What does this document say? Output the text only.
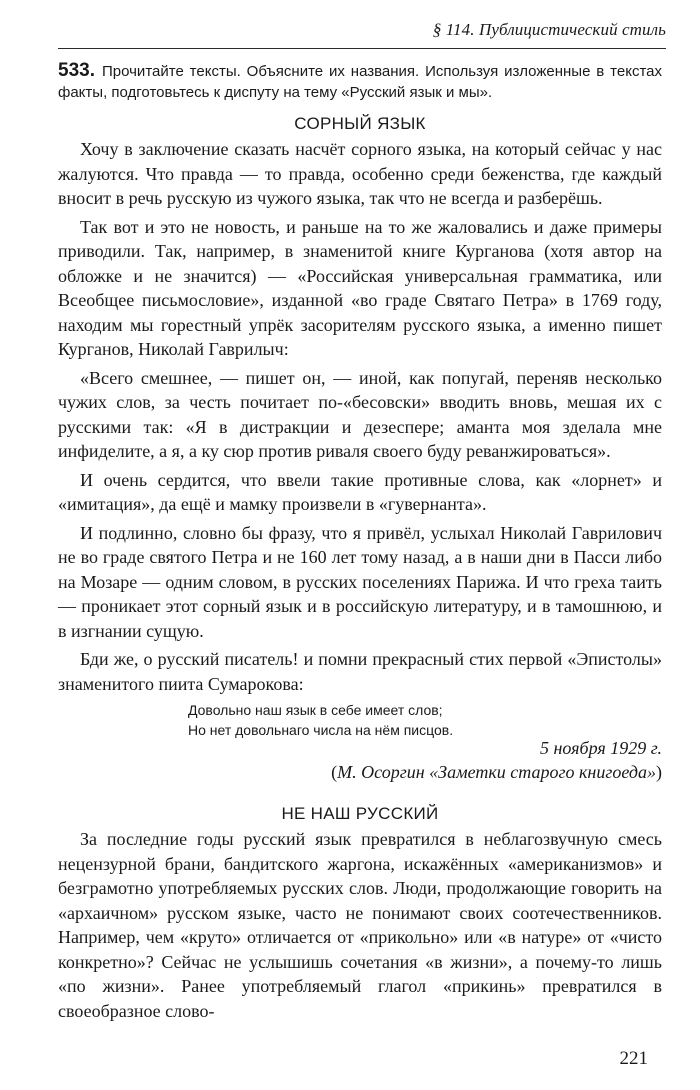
§ 114. Публицистический стиль

533. Прочитайте тексты. Объясните их названия. Используя изложенные в текстах факты, подготовьтесь к диспуту на тему «Русский язык и мы».

СОРНЫЙ ЯЗЫК

Хочу в заключение сказать насчёт сорного языка, на который сейчас у нас жалуются. Что правда — то правда, особенно среди беженства, где каждый вносит в речь русскую из чужого языка, так что не всегда и разберёшь.

Так вот и это не новость, и раньше на то же жаловались и даже примеры приводили. Так, например, в знаменитой книге Курганова (хотя автор на обложке и не значится) — «Российская универсальная грамматика, или Всеобщее письмословие», изданной «во граде Святаго Петра» в 1769 году, находим мы горестный упрёк засорителям русского языка, а именно пишет Курганов, Николай Гаврилыч:

«Всего смешнее, — пишет он, — иной, как попугай, переняв несколько чужих слов, за честь почитает по-«бесовски» вводить вновь, мешая их с русскими так: «Я в дистракции и дезеспере; аманта моя зделала мне инфиделите, а я, а ку сюр против риваля своего буду реванжироваться».

И очень сердится, что ввели такие противные слова, как «лорнет» и «имитация», да ещё и мамку произвели в «гувернанта».

И подлинно, словно бы фразу, что я привёл, услыхал Николай Гаврилович не во граде святого Петра и не 160 лет тому назад, а в наши дни в Пасси либо на Мозаре — одним словом, в русских поселениях Парижа. И что греха таить — проникает этот сорный язык и в российскую литературу, и в тамошнюю, и в изгнании сущую.

Бди же, о русский писатель! и помни прекрасный стих первой «Эпистолы» знаменитого пиита Сумарокова:

Довольно наш язык в себе имеет слов;
Но нет довольнаго числа на нём писцов.
5 ноября 1929 г.
(М. Осоргин «Заметки старого книгоеда»)
НЕ НАШ РУССКИЙ

За последние годы русский язык превратился в неблагозвучную смесь нецензурной брани, бандитского жаргона, искажённых «американизмов» и безграмотно употребляемых русских слов. Люди, продолжающие говорить на «архаичном» русском языке, часто не понимают своих соотечественников. Например, чем «круто» отличается от «прикольно» или «в натуре» от «чисто конкретно»? Сейчас не услышишь сочетания «в жизни», а почему-то лишь «по жизни». Ранее употребляемый глагол «прикинь» превратился в своеобразное слово-

221
